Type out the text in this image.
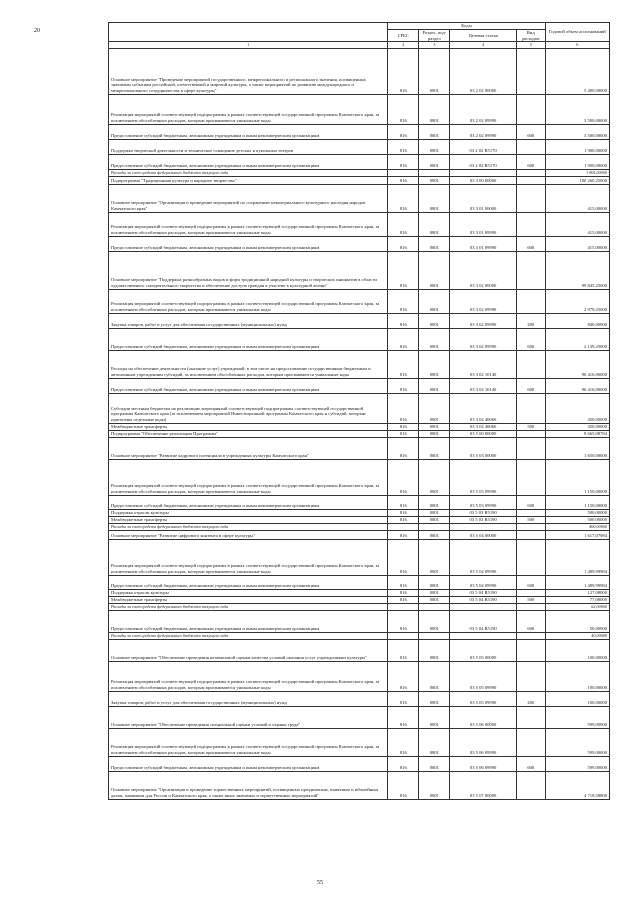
20
	Коды				Годовой объем ассигнований
	ГРБС	Раздел, под-раздел	Целевая статья	Вид расходов	
1	2	3	4	5	6
Основное мероприятие "Проведение мероприятий государственного, межрегионального и регионального значения, посвященных значимым событиям российской, отечественной и мировой культуры, а также мероприятий по развитию международного и межрегионального сотрудничества в сфере культуры"	816	0801	03 2 02 00000		5 400,00000
Реализация мероприятий соответствующей подпрограммы в рамках соответствующей государственной программы Камчатского края, за исключением обособленных расходов, которым присваиваются уникальные коды	816	0801	03 2 02 09990		3 500,00000
Предоставление субсидий бюджетным, автономным учреждениям и иным некоммерческим организациям	816	0801	03 2 02 09990	600	3 500,00000
Поддержка творческой деятельности и техническое оснащение детских и кукольных театров	816	0801	03 2 02 R5170		1 900,00000
Предоставление субсидий бюджетным, автономным учреждениям и иным некоммерческим организациям	816	0801	03 2 02 R5170	600	1 900,00000
Расходы за счет средств федерального бюджета текущего года					1 805,00000
Подпрограмма "Традиционная культура и народное творчество"	816	0801	03 3 00 00000		100 260,25000
Основное мероприятие "Организация и проведение мероприятий по сохранению нематериального культурного наследия народов Камчатского края"	816	0801	03 3 01 00000		415,00000
Реализация мероприятий соответствующей подпрограммы в рамках соответствующей государственной программы Камчатского края, за исключением обособленных расходов, которым присваиваются уникальные коды	816	0801	03 3 01 09990		415,00000
Предоставление субсидий бюджетным, автономным учреждениям и иным некоммерческим организациям	816	0801	03 3 01 09990	600	415,00000
Основное мероприятие "Поддержка разнообразных видов и форм традиционной народной культуры и творческих инициатив в области художественного самодеятельного творчества и обеспечение доступа граждан к участию в культурной жизни"	816	0801	03 3 02 00000		99 845,25000
Реализация мероприятий соответствующей подпрограммы в рамках соответствующей государственной программы Камчатского края, за исключением обособленных расходов, которым присваиваются уникальные коды	816	0801	03 3 02 09990		2 979,25000
Закупка товаров, работ и услуг для обеспечения государственных (муниципальных) нужд	816	0801	03 3 02 09990	200	840,00000
Предоставление субсидий бюджетным, автономным учреждениям и иным некоммерческим организациям	816	0801	03 3 02 09990	600	2 139,25000
Расходы на обеспечение деятельности (оказание услуг) учреждений, в том числе на предоставление государственным бюджетным и автономным учреждениям субсидий, за исключением обособленных расходов, которым присваиваются уникальные коды	816	0801	03 3 02 10140		96 416,00000
Предоставление субсидий бюджетным, автономным учреждениям и иным некоммерческим организациям	816	0801	03 3 02 10140	600	96 416,00000
Субсидии местным бюджетам на реализацию мероприятий соответствующей подпрограммы соответствующей государственной программы Камчатского края (за исключением мероприятий Инвестиционной программы Камчатского края и субсидий, которым присвоены отдельные коды)	816	0801	03 3 02 40060		450,00000
Межбюджетные трансферты	816	0801	03 3 02 40060	500	450,00000
Подпрограмма "Обеспечение реализации Программы"	816	0801	03 5 00 00000		8 665,08784
Основное мероприятие "Развитие кадрового потенциала в учреждениях культуры Камчатского края"	816	0801	03 5 03 00000		1 650,00000
Реализация мероприятий соответствующей подпрограммы в рамках соответствующей государственной программы Камчатского края, за исключением обособленных расходов, которым присваиваются уникальные коды	816	0801	03 5 03 09990		1 150,00000
Предоставление субсидий бюджетным, автономным учреждениям и иным некоммерческим организациям	816	0801	03 5 03 09990	600	1 150,00000
Поддержка отрасли культуры	816	0801	03 5 03 R5190		500,00000
Межбюджетные трансферты	816	0801	03 5 03 R5190	500	500,00000
Расходы за счет средств федерального бюджета текущего года					400,00000
Основное мероприятие "Развитие цифрового контента в сфере культуры"	816	0801	03 5 04 00000		1 617,07984
Реализация мероприятий соответствующей подпрограммы в рамках соответствующей государственной программы Камчатского края, за исключением обособленных расходов, которым присваиваются уникальные коды	816	0801	03 5 04 09990		1 489,99984
Предоставление субсидий бюджетным, автономным учреждениям и иным некоммерческим организациям	816	0801	03 5 04 09990	600	1 489,99984
Поддержка отрасли культуры	816	0801	03 5 04 R5190		127,08000
Межбюджетные трансферты	816	0801	03 5 04 R5190	500	77,08000
Расходы за счет средств федерального бюджета текущего года					62,00000
Предоставление субсидий бюджетным, автономным учреждениям и иным некоммерческим организациям	816	0801	03 5 04 R5190	600	50,00000
Расходы за счет средств федерального бюджета текущего года					40,00000
Основное мероприятие "Обеспечение проведения независимой оценки качества условий оказания услуг учреждениями культуры"	816	0801	03 5 05 00000		100,00000
Реализация мероприятий соответствующей подпрограммы в рамках соответствующей государственной программы Камчатского края, за исключением обособленных расходов, которым присваиваются уникальные коды	816	0801	03 5 05 09990		100,00000
Закупка товаров, работ и услуг для обеспечения государственных (муниципальных) нужд	816	0801	03 5 05 09990	200	100,00000
Основное мероприятие "Обеспечение проведения специальной оценки условий и охраны труда"	816	0801	03 5 06 00000		599,00000
Реализация мероприятий соответствующей подпрограммы в рамках соответствующей государственной программы Камчатского края, за исключением обособленных расходов, которым присваиваются уникальные коды	816	0801	03 5 06 09990		599,00000
Предоставление субсидий бюджетным, автономным учреждениям и иным некоммерческим организациям	816	0801	03 5 06 09990	600	599,00000
Основное мероприятие "Организация и проведение торжественных мероприятий, посвященных праздничным, памятным и юбилейным датам, значимым для России и Камчатского края, а также иных значимых и торжественных мероприятий"	816	0801	03 5 07 00000		4 718,58800
55
